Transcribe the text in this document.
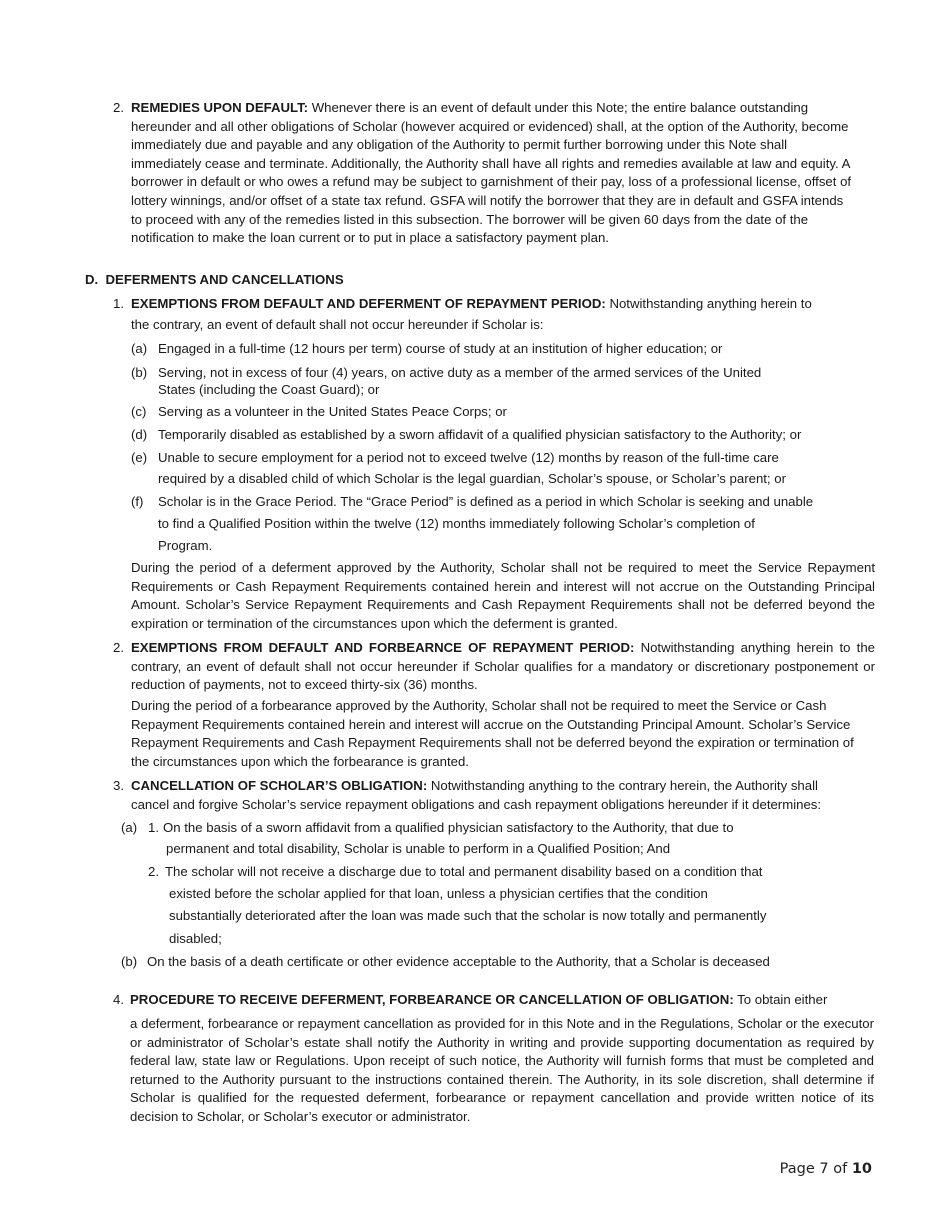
2. REMEDIES UPON DEFAULT: Whenever there is an event of default under this Note; the entire balance outstanding hereunder and all other obligations of Scholar (however acquired or evidenced) shall, at the option of the Authority, become immediately due and payable and any obligation of the Authority to permit further borrowing under this Note shall immediately cease and terminate. Additionally, the Authority shall have all rights and remedies available at law and equity. A borrower in default or who owes a refund may be subject to garnishment of their pay, loss of a professional license, offset of lottery winnings, and/or offset of a state tax refund. GSFA will notify the borrower that they are in default and GSFA intends to proceed with any of the remedies listed in this subsection. The borrower will be given 60 days from the date of the notification to make the loan current or to put in place a satisfactory payment plan.
D. DEFERMENTS AND CANCELLATIONS
1. EXEMPTIONS FROM DEFAULT AND DEFERMENT OF REPAYMENT PERIOD: Notwithstanding anything herein to
the contrary, an event of default shall not occur hereunder if Scholar is:
(a) Engaged in a full-time (12 hours per term) course of study at an institution of higher education; or
(b) Serving, not in excess of four (4) years, on active duty as a member of the armed services of the United
States (including the Coast Guard); or
(c) Serving as a volunteer in the United States Peace Corps; or
(d) Temporarily disabled as established by a sworn affidavit of a qualified physician satisfactory to the Authority; or
(e) Unable to secure employment for a period not to exceed twelve (12) months by reason of the full-time care
required by a disabled child of which Scholar is the legal guardian, Scholar’s spouse, or Scholar’s parent; or
(f) Scholar is in the Grace Period. The “Grace Period” is defined as a period in which Scholar is seeking and unable
to find a Qualified Position within the twelve (12) months immediately following Scholar’s completion of
Program.
During the period of a deferment approved by the Authority, Scholar shall not be required to meet the Service Repayment Requirements or Cash Repayment Requirements contained herein and interest will not accrue on the Outstanding Principal Amount. Scholar’s Service Repayment Requirements and Cash Repayment Requirements shall not be deferred beyond the expiration or termination of the circumstances upon which the deferment is granted.
2. EXEMPTIONS FROM DEFAULT AND FORBEARNCE OF REPAYMENT PERIOD: Notwithstanding anything herein to the contrary, an event of default shall not occur hereunder if Scholar qualifies for a mandatory or discretionary postponement or reduction of payments, not to exceed thirty-six (36) months.
During the period of a forbearance approved by the Authority, Scholar shall not be required to meet the Service or Cash Repayment Requirements contained herein and interest will accrue on the Outstanding Principal Amount. Scholar’s Service Repayment Requirements and Cash Repayment Requirements shall not be deferred beyond the expiration or termination of the circumstances upon which the forbearance is granted.
3. CANCELLATION OF SCHOLAR’S OBLIGATION: Notwithstanding anything to the contrary herein, the Authority shall
cancel and forgive Scholar’s service repayment obligations and cash repayment obligations hereunder if it determines:
(a) 1. On the basis of a sworn affidavit from a qualified physician satisfactory to the Authority, that due to
permanent and total disability, Scholar is unable to perform in a Qualified Position; And
2. The scholar will not receive a discharge due to total and permanent disability based on a condition that
existed before the scholar applied for that loan, unless a physician certifies that the condition
substantially deteriorated after the loan was made such that the scholar is now totally and permanently
disabled;
(b) On the basis of a death certificate or other evidence acceptable to the Authority, that a Scholar is deceased
4. PROCEDURE TO RECEIVE DEFERMENT, FORBEARANCE OR CANCELLATION OF OBLIGATION: To obtain either
a deferment, forbearance or repayment cancellation as provided for in this Note and in the Regulations, Scholar or the executor or administrator of Scholar’s estate shall notify the Authority in writing and provide supporting documentation as required by federal law, state law or Regulations. Upon receipt of such notice, the Authority will furnish forms that must be completed and returned to the Authority pursuant to the instructions contained therein. The Authority, in its sole discretion, shall determine if Scholar is qualified for the requested deferment, forbearance or repayment cancellation and provide written notice of its decision to Scholar, or Scholar’s executor or administrator.
Page 7 of 10
